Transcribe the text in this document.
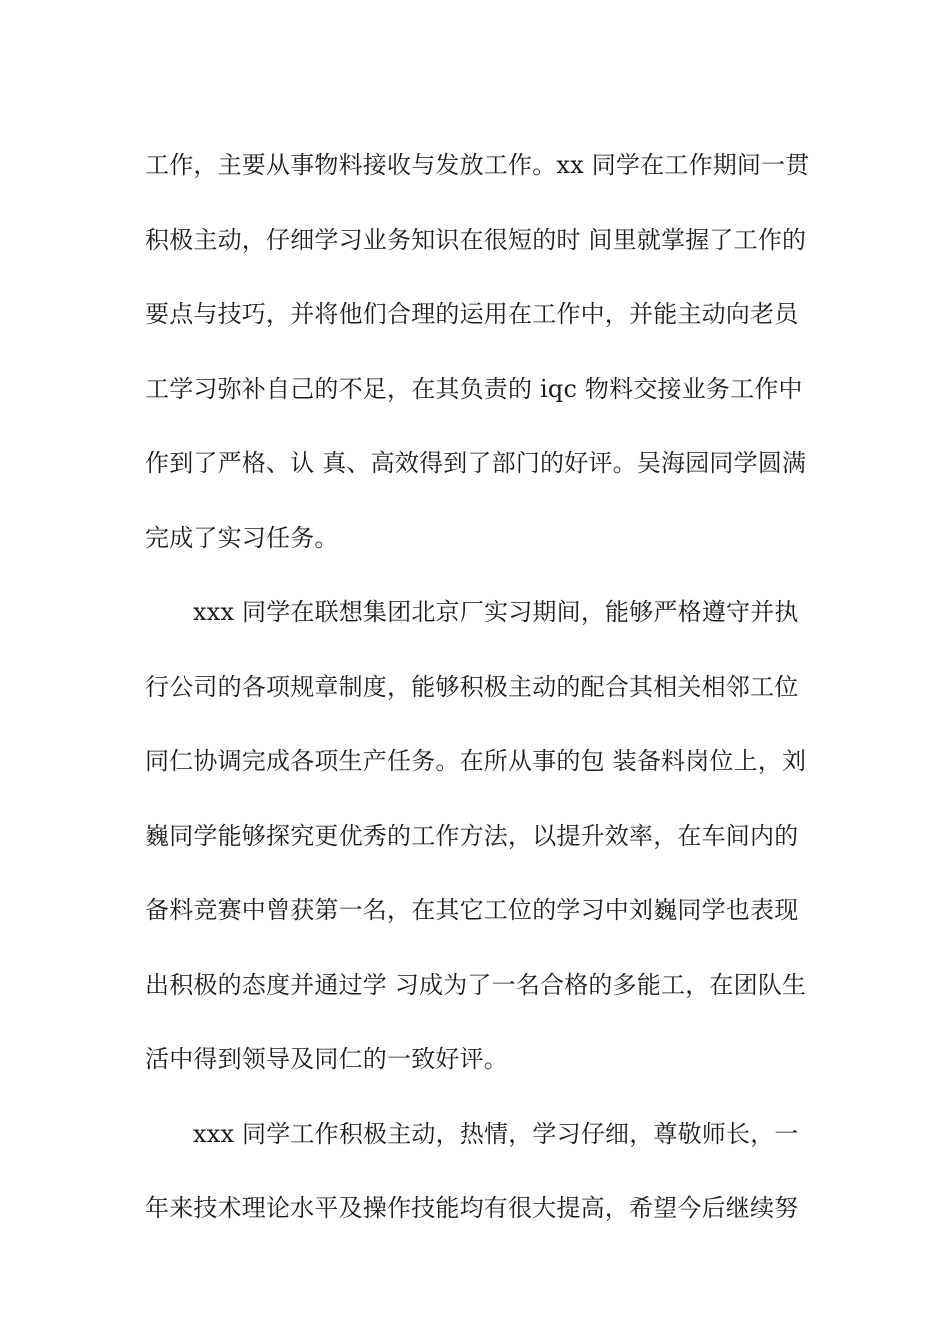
工作，主要从事物料接收与发放工作。xx 同学在工作期间一贯
积极主动，仔细学习业务知识在很短的时 间里就掌握了工作的
要点与技巧，并将他们合理的运用在工作中，并能主动向老员
工学习弥补自己的不足，在其负责的 iqc 物料交接业务工作中
作到了严格、认 真、高效得到了部门的好评。吴海园同学圆满
完成了实习任务。
xxx 同学在联想集团北京厂实习期间，能够严格遵守并执
行公司的各项规章制度，能够积极主动的配合其相关相邻工位
同仁协调完成各项生产任务。在所从事的包 装备料岗位上，刘
巍同学能够探究更优秀的工作方法，以提升效率，在车间内的
备料竞赛中曾获第一名，在其它工位的学习中刘巍同学也表现
出积极的态度并通过学 习成为了一名合格的多能工，在团队生
活中得到领导及同仁的一致好评。
xxx 同学工作积极主动，热情，学习仔细，尊敬师长，一
年来技术理论水平及操作技能均有很大提高，希望今后继续努
